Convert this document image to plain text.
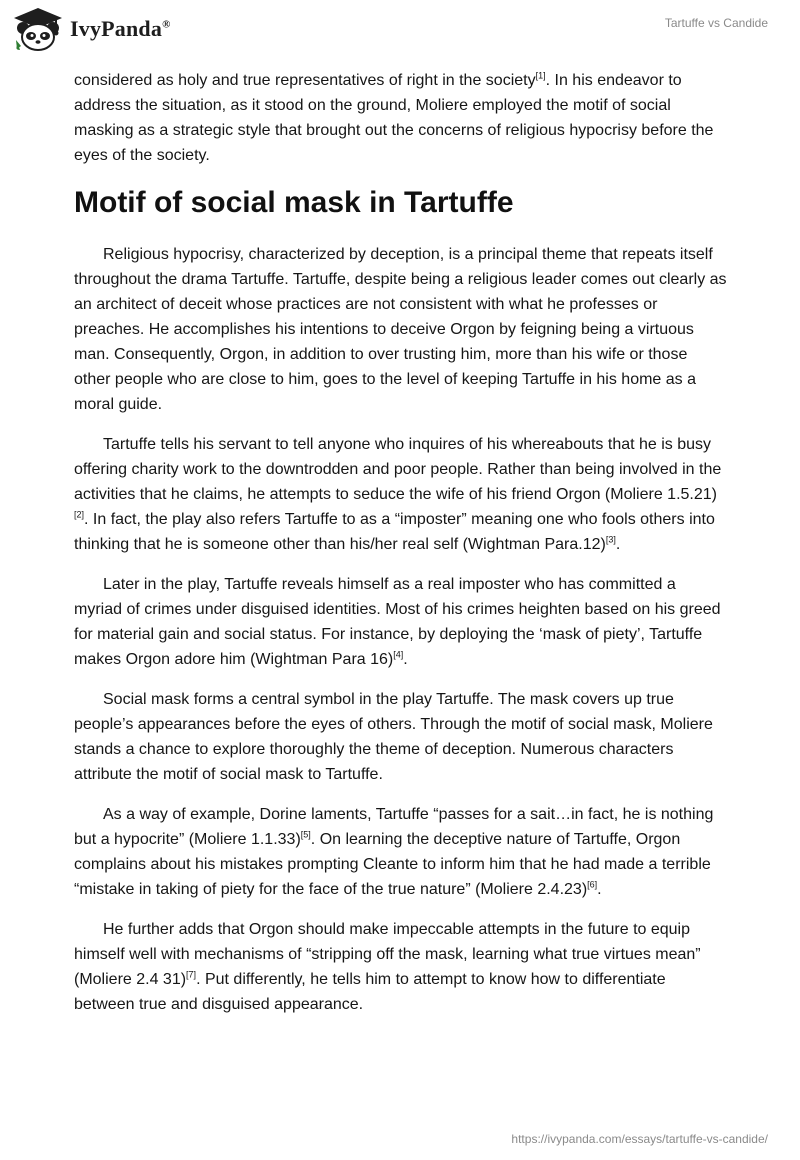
IvyPanda®	Tartuffe vs Candide

considered as holy and true representatives of right in the society[1]. In his endeavor to address the situation, as it stood on the ground, Moliere employed the motif of social masking as a strategic style that brought out the concerns of religious hypocrisy before the eyes of the society.

Motif of social mask in Tartuffe

Religious hypocrisy, characterized by deception, is a principal theme that repeats itself throughout the drama Tartuffe. Tartuffe, despite being a religious leader comes out clearly as an architect of deceit whose practices are not consistent with what he professes or preaches. He accomplishes his intentions to deceive Orgon by feigning being a virtuous man. Consequently, Orgon, in addition to over trusting him, more than his wife or those other people who are close to him, goes to the level of keeping Tartuffe in his home as a moral guide.

Tartuffe tells his servant to tell anyone who inquires of his whereabouts that he is busy offering charity work to the downtrodden and poor people. Rather than being involved in the activities that he claims, he attempts to seduce the wife of his friend Orgon (Moliere 1.5.21)[2]. In fact, the play also refers Tartuffe to as a “imposter” meaning one who fools others into thinking that he is someone other than his/her real self (Wightman Para.12)[3].

Later in the play, Tartuffe reveals himself as a real imposter who has committed a myriad of crimes under disguised identities. Most of his crimes heighten based on his greed for material gain and social status. For instance, by deploying the ‘mask of piety’, Tartuffe makes Orgon adore him (Wightman Para 16)[4].

Social mask forms a central symbol in the play Tartuffe. The mask covers up true people’s appearances before the eyes of others. Through the motif of social mask, Moliere stands a chance to explore thoroughly the theme of deception. Numerous characters attribute the motif of social mask to Tartuffe.

As a way of example, Dorine laments, Tartuffe “passes for a sait…in fact, he is nothing but a hypocrite” (Moliere 1.1.33)[5]. On learning the deceptive nature of Tartuffe, Orgon complains about his mistakes prompting Cleante to inform him that he had made a terrible “mistake in taking of piety for the face of the true nature” (Moliere 2.4.23)[6].

He further adds that Orgon should make impeccable attempts in the future to equip himself well with mechanisms of “stripping off the mask, learning what true virtues mean” (Moliere 2.4 31)[7]. Put differently, he tells him to attempt to know how to differentiate between true and disguised appearance.

https://ivypanda.com/essays/tartuffe-vs-candide/
